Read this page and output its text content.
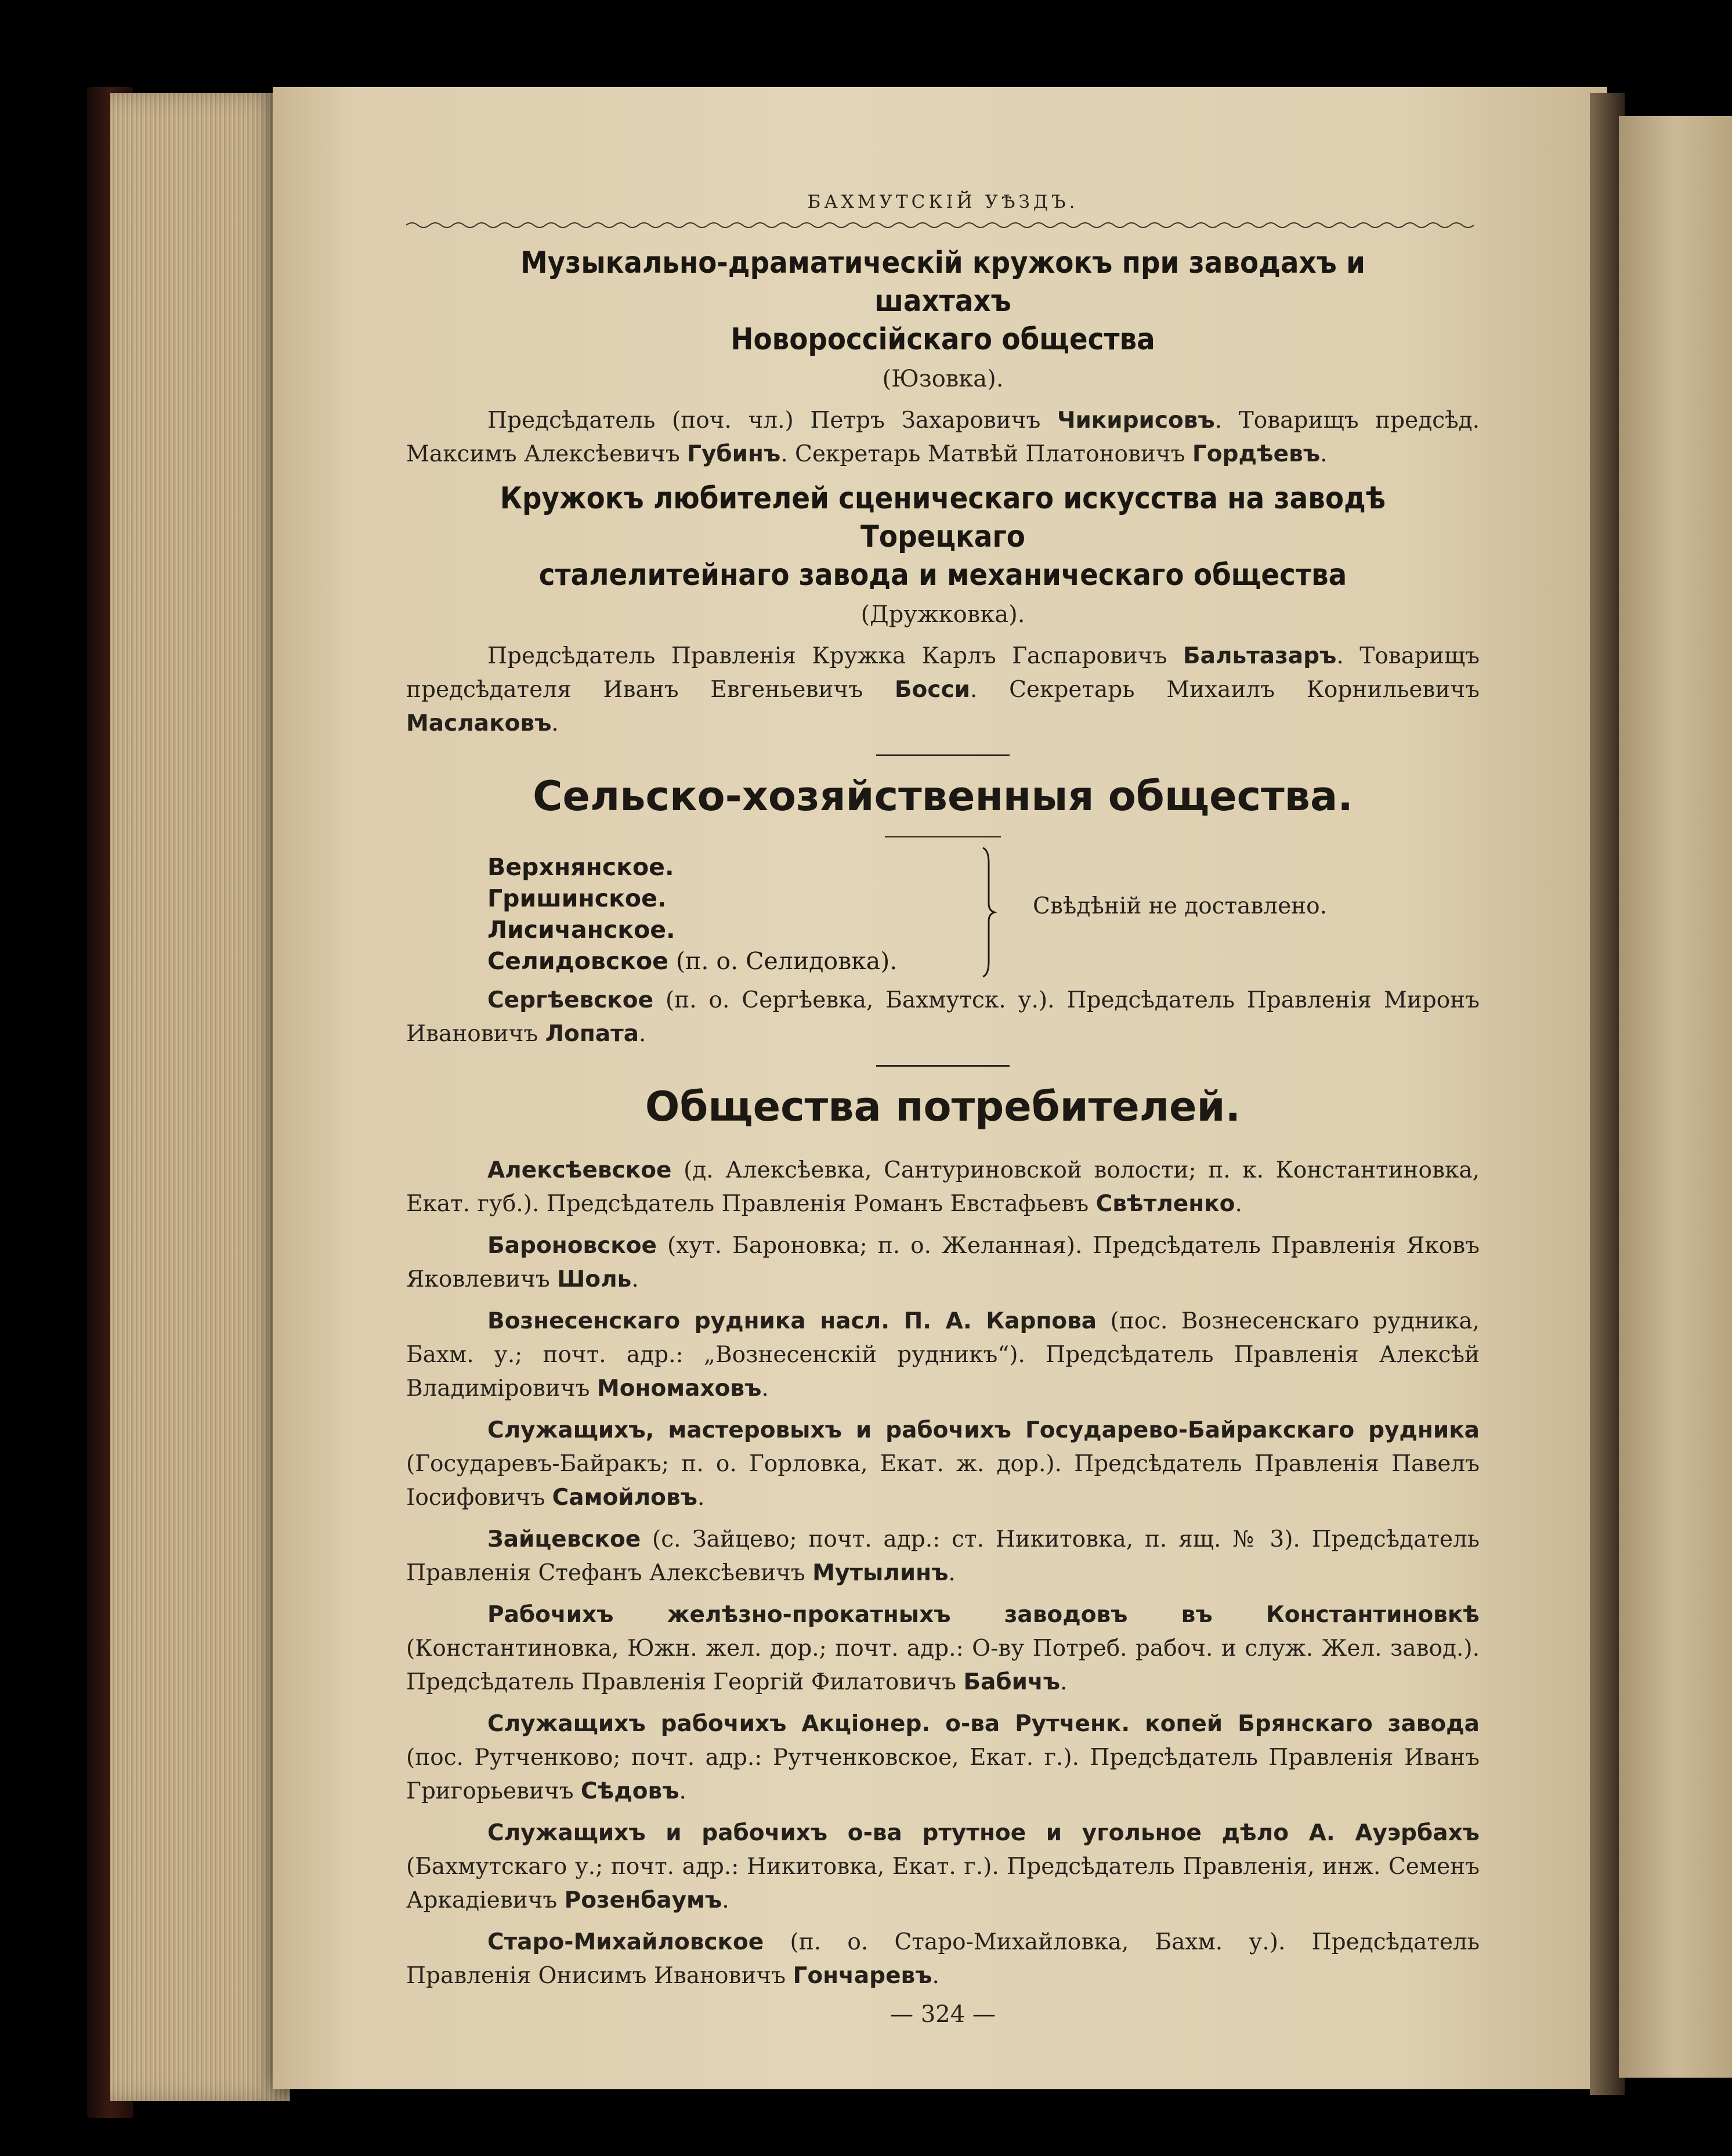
БАХМУТСКІЙ УѢЗДЪ.
Музыкально-драматическій кружокъ при заводахъ и шахтахъ
Новороссійскаго общества
(Юзовка).

Предсѣдатель (поч. чл.) Петръ Захаровичъ Чикирисовъ. Товарищъ предсѣд. Максимъ Алексѣевичъ Губинъ. Секретарь Матвѣй Платоновичъ Гордѣевъ.

Кружокъ любителей сценическаго искусства на заводѣ Торецкаго
сталелитейнаго завода и механическаго общества
(Дружковка).

Предсѣдатель Правленія Кружка Карлъ Гаспаровичъ Бальтазаръ. Товарищъ предсѣдателя Иванъ Евгеньевичъ Босси. Секретарь Михаилъ Корнильевичъ Маслаковъ.

Сельско-хозяйственныя общества.
Верхнянское.
Гришинское.
Лисичанское.
Селидовское (п. о. Селидовка).
Свѣдѣній не доставлено.

Сергѣевское (п. о. Сергѣевка, Бахмутск. у.). Предсѣдатель Правленія Миронъ Ивановичъ Лопата.

Общества потребителей.

Алексѣевское (д. Алексѣевка, Сантуриновской волости; п. к. Константиновка, Екат. губ.). Предсѣдатель Правленія Романъ Евстафьевъ Свѣтленко.

Бароновское (хут. Бароновка; п. о. Желанная). Предсѣдатель Правленія Яковъ Яковлевичъ Шоль.

Вознесенскаго рудника насл. П. А. Карпова (пос. Вознесенскаго рудника, Бахм. у.; почт. адр.: „Вознесенскій рудникъ“). Предсѣдатель Правленія Алексѣй Владиміровичъ Мономаховъ.

Служащихъ, мастеровыхъ и рабочихъ Государево-Байракскаго рудника (Государевъ-Байракъ; п. о. Горловка, Екат. ж. дор.). Предсѣдатель Правленія Павелъ Іосифовичъ Самойловъ.

Зайцевское (с. Зайцево; почт. адр.: ст. Никитовка, п. ящ. № 3). Предсѣдатель Правленія Стефанъ Алексѣевичъ Мутылинъ.

Рабочихъ желѣзно-прокатныхъ заводовъ въ Константиновкѣ (Константиновка, Южн. жел. дор.; почт. адр.: О-ву Потреб. рабоч. и служ. Жел. завод.). Предсѣдатель Правленія Георгій Филатовичъ Бабичъ.

Служащихъ рабочихъ Акціонер. о-ва Рутченк. копей Брянскаго завода (пос. Рутченково; почт. адр.: Рутченковское, Екат. г.). Предсѣдатель Правленія Иванъ Григорьевичъ Сѣдовъ.

Служащихъ и рабочихъ о-ва ртутное и угольное дѣло А. Ауэрбахъ (Бахмутскаго у.; почт. адр.: Никитовка, Екат. г.). Предсѣдатель Правленія, инж. Семенъ Аркадіевичъ Розенбаумъ.

Старо-Михайловское (п. о. Старо-Михайловка, Бахм. у.). Предсѣдатель Правленія Онисимъ Ивановичъ Гончаревъ.

— 324 —
